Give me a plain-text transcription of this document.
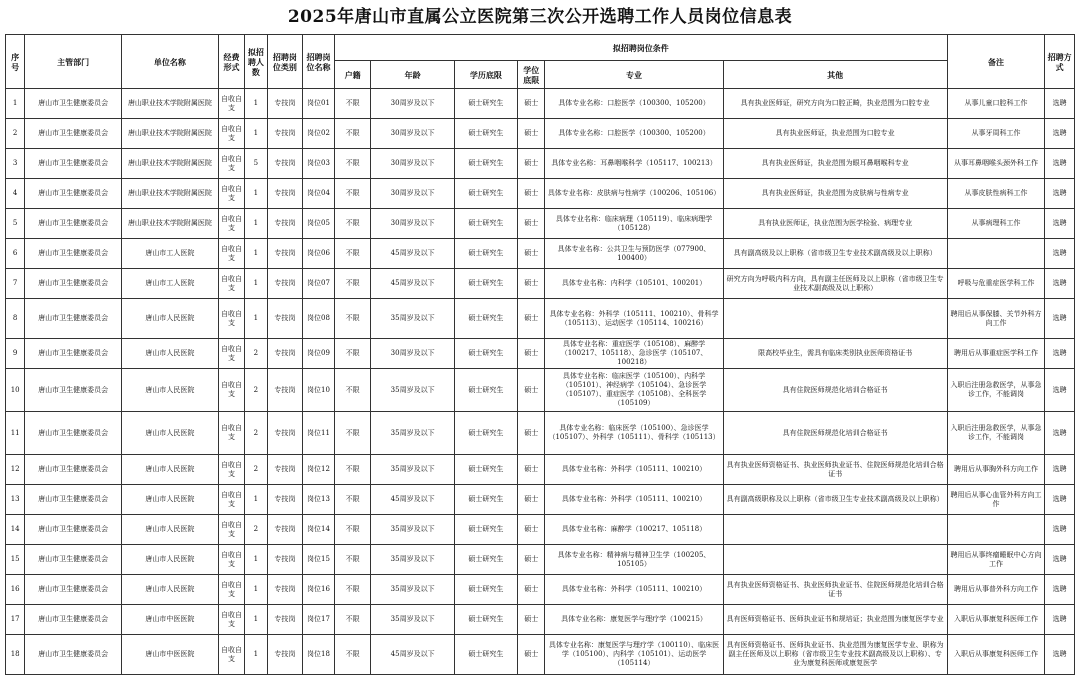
2025年唐山市直属公立医院第三次公开选聘工作人员岗位信息表
序号	主管部门	单位名称	经费形式	拟招聘人数	招聘岗位类别	招聘岗位名称	拟招聘岗位条件						备注	招聘方式
							户籍	年龄	学历底限	学位底限	专业	其他		
1	唐山市卫生健康委员会	唐山职业技术学院附属医院	自收自支	1	专技岗	岗位01	不限	30周岁及以下	硕士研究生	硕士	具体专业名称：口腔医学（100300、105200）	具有执业医师证，研究方向为口腔正畸，执业范围为口腔专业	从事儿童口腔科工作	选聘
2	唐山市卫生健康委员会	唐山职业技术学院附属医院	自收自支	1	专技岗	岗位02	不限	30周岁及以下	硕士研究生	硕士	具体专业名称：口腔医学（100300、105200）	具有执业医师证，执业范围为口腔专业	从事牙周科工作	选聘
3	唐山市卫生健康委员会	唐山职业技术学院附属医院	自收自支	5	专技岗	岗位03	不限	30周岁及以下	硕士研究生	硕士	具体专业名称：耳鼻咽喉科学（105117、100213）	具有执业医师证，执业范围为眼耳鼻咽喉科专业	从事耳鼻咽喉头颈外科工作	选聘
4	唐山市卫生健康委员会	唐山职业技术学院附属医院	自收自支	1	专技岗	岗位04	不限	30周岁及以下	硕士研究生	硕士	具体专业名称：皮肤病与性病学（100206、105106）	具有执业医师证，执业范围为皮肤病与性病专业	从事皮肤性病科工作	选聘
5	唐山市卫生健康委员会	唐山职业技术学院附属医院	自收自支	1	专技岗	岗位05	不限	30周岁及以下	硕士研究生	硕士	具体专业名称：临床病理（105119）、临床病理学（105128）	具有执业医师证，执业范围为医学检验、病理专业	从事病理科工作	选聘
6	唐山市卫生健康委员会	唐山市工人医院	自收自支	1	专技岗	岗位06	不限	45周岁及以下	硕士研究生	硕士	具体专业名称：公共卫生与预防医学（077900、100400）	具有副高级及以上职称（省市级卫生专业技术副高级及以上职称）		选聘
7	唐山市卫生健康委员会	唐山市工人医院	自收自支	1	专技岗	岗位07	不限	45周岁及以下	硕士研究生	硕士	具体专业名称：内科学（105101、100201）	研究方向为呼吸内科方向，具有副主任医师及以上职称（省市级卫生专业技术副高级及以上职称）	呼吸与危重症医学科工作	选聘
8	唐山市卫生健康委员会	唐山市人民医院	自收自支	1	专技岗	岗位08	不限	35周岁及以下	硕士研究生	硕士	具体专业名称：外科学（105111、100210）、骨科学（105113）、运动医学（105114、100216）		聘用后从事保膝、关节外科方向工作	选聘
9	唐山市卫生健康委员会	唐山市人民医院	自收自支	2	专技岗	岗位09	不限	30周岁及以下	硕士研究生	硕士	具体专业名称：重症医学（105108）、麻醉学（100217、105118）、急诊医学（105107、100218）	限高校毕业生，需具有临床类别执业医师资格证书	聘用后从事重症医学科工作	选聘
10	唐山市卫生健康委员会	唐山市人民医院	自收自支	2	专技岗	岗位10	不限	35周岁及以下	硕士研究生	硕士	具体专业名称：临床医学（105100）、内科学（105101）、神经病学（105104）、急诊医学（105107）、重症医学（105108）、全科医学（105109）	具有住院医师规范化培训合格证书	入职后注册急救医学，从事急诊工作，不能调岗	选聘
11	唐山市卫生健康委员会	唐山市人民医院	自收自支	2	专技岗	岗位11	不限	35周岁及以下	硕士研究生	硕士	具体专业名称：临床医学（105100）、急诊医学（105107）、外科学（105111）、骨科学（105113）	具有住院医师规范化培训合格证书	入职后注册急救医学，从事急诊工作，不能调岗	选聘
12	唐山市卫生健康委员会	唐山市人民医院	自收自支	2	专技岗	岗位12	不限	35周岁及以下	硕士研究生	硕士	具体专业名称：外科学（105111、100210）	具有执业医师资格证书、执业医师执业证书、住院医师规范化培训合格证书	聘用后从事胸外科方向工作	选聘
13	唐山市卫生健康委员会	唐山市人民医院	自收自支	1	专技岗	岗位13	不限	45周岁及以下	硕士研究生	硕士	具体专业名称：外科学（105111、100210）	具有副高级职称及以上职称（省市级卫生专业技术副高级及以上职称）	聘用后从事心血管外科方向工作	选聘
14	唐山市卫生健康委员会	唐山市人民医院	自收自支	2	专技岗	岗位14	不限	35周岁及以下	硕士研究生	硕士	具体专业名称：麻醉学（100217、105118）			选聘
15	唐山市卫生健康委员会	唐山市人民医院	自收自支	1	专技岗	岗位15	不限	35周岁及以下	硕士研究生	硕士	具体专业名称：精神病与精神卫生学（100205、105105）		聘用后从事终瘤睡眠中心方向工作	选聘
16	唐山市卫生健康委员会	唐山市人民医院	自收自支	1	专技岗	岗位16	不限	35周岁及以下	硕士研究生	硕士	具体专业名称：外科学（105111、100210）	具有执业医师资格证书、执业医师执业证书、住院医师规范化培训合格证书	聘用后从事普外科方向工作	选聘
17	唐山市卫生健康委员会	唐山市中医医院	自收自支	1	专技岗	岗位17	不限	35周岁及以下	硕士研究生	硕士	具体专业名称：康复医学与理疗学（100215）	具有医师资格证书、医师执业证书和规培证；执业范围为康复医学专业	入职后从事康复科医师工作	选聘
18	唐山市卫生健康委员会	唐山市中医医院	自收自支	1	专技岗	岗位18	不限	45周岁及以下	硕士研究生	硕士	具体专业名称：康复医学与理疗学（100110）、临床医学（105100）、内科学（105101）、运动医学（105114）	具有医师资格证书、医师执业证书、执业范围为康复医学专业、职称为副主任医师及以上职称（省市级卫生专业技术副高级及以上职称）、专业为康复科医师或康复医学	入职后从事康复科医师工作	选聘
